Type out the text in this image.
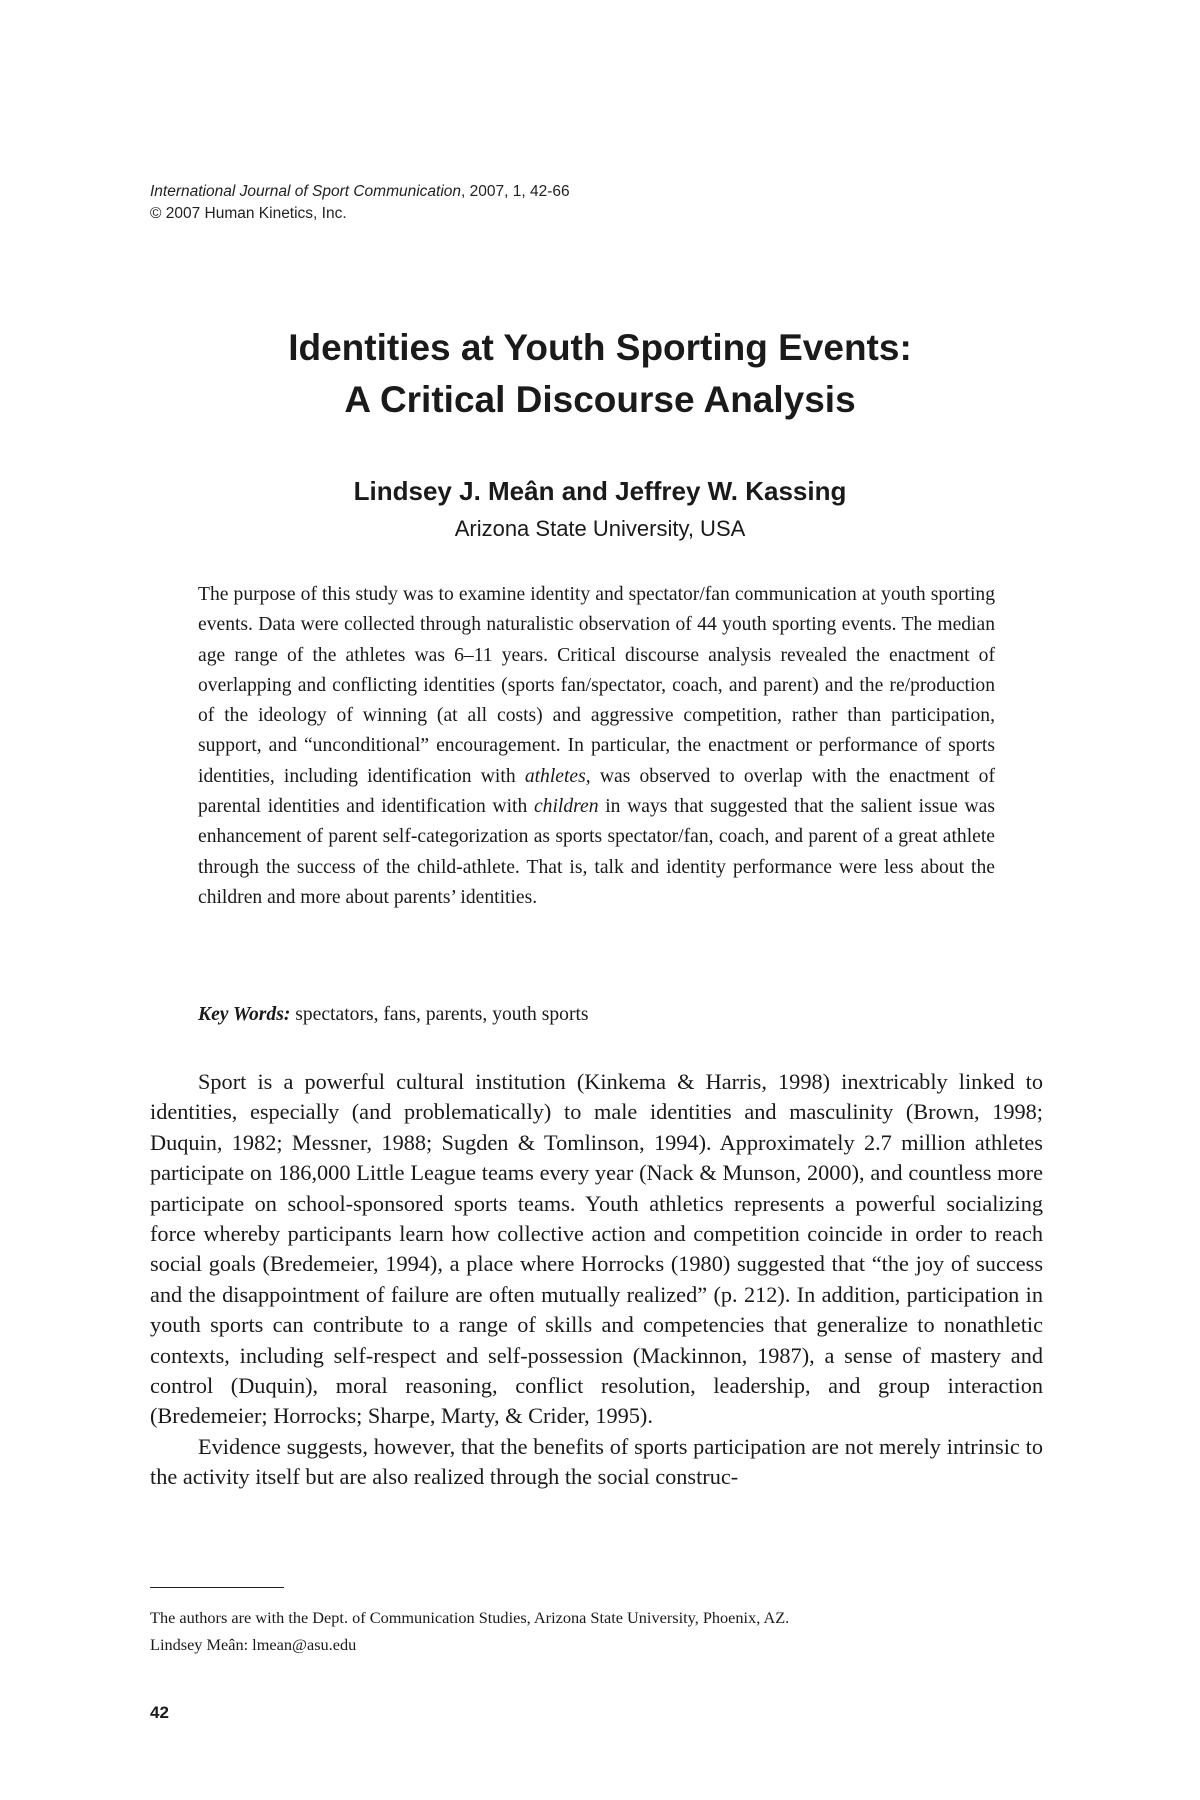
International Journal of Sport Communication, 2007, 1, 42-66
© 2007 Human Kinetics, Inc.
Identities at Youth Sporting Events:
A Critical Discourse Analysis
Lindsey J. Meân and Jeffrey W. Kassing
Arizona State University, USA
The purpose of this study was to examine identity and spectator/fan communication at youth sporting events. Data were collected through naturalistic observation of 44 youth sporting events. The median age range of the athletes was 6–11 years. Critical discourse analysis revealed the enactment of overlapping and conflicting identities (sports fan/spectator, coach, and parent) and the re/production of the ideology of winning (at all costs) and aggressive competition, rather than participation, support, and “unconditional” encouragement. In particular, the enactment or performance of sports identities, including identification with athletes, was observed to overlap with the enactment of parental identities and identification with children in ways that suggested that the salient issue was enhancement of parent self-categorization as sports spectator/fan, coach, and parent of a great athlete through the success of the child-athlete. That is, talk and identity performance were less about the children and more about parents’ identities.
Key Words: spectators, fans, parents, youth sports

Sport is a powerful cultural institution (Kinkema & Harris, 1998) inextricably linked to identities, especially (and problematically) to male identities and masculinity (Brown, 1998; Duquin, 1982; Messner, 1988; Sugden & Tomlinson, 1994). Approximately 2.7 million athletes participate on 186,000 Little League teams every year (Nack & Munson, 2000), and countless more participate on school-sponsored sports teams. Youth athletics represents a powerful socializing force whereby participants learn how collective action and competition coincide in order to reach social goals (Bredemeier, 1994), a place where Horrocks (1980) suggested that “the joy of success and the disappointment of failure are often mutually realized” (p. 212). In addition, participation in youth sports can contribute to a range of skills and competencies that generalize to nonathletic contexts, including self-respect and self-possession (Mackinnon, 1987), a sense of mastery and control (Duquin), moral reasoning, conflict resolution, leadership, and group interaction (Bredemeier; Horrocks; Sharpe, Marty, & Crider, 1995).

Evidence suggests, however, that the benefits of sports participation are not merely intrinsic to the activity itself but are also realized through the social construc-

The authors are with the Dept. of Communication Studies, Arizona State University, Phoenix, AZ.
Lindsey Meân: lmean@asu.edu
42
